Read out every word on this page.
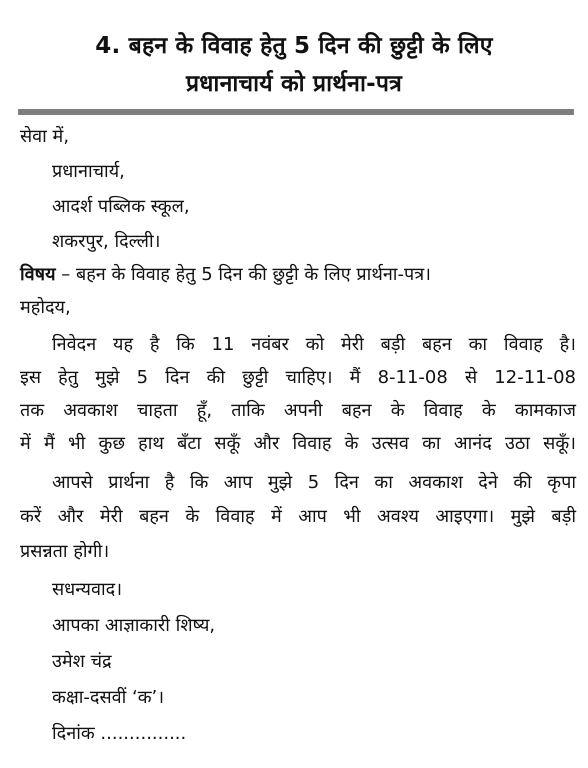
4. बहन के विवाह हेतु 5 दिन की छुट्टी के लिए
प्रधानाचार्य को प्रार्थना-पत्र
सेवा में,
प्रधानाचार्य,
आदर्श पब्लिक स्कूल,
शकरपुर, दिल्ली।
विषय – बहन के विवाह हेतु 5 दिन की छुट्टी के लिए प्रार्थना-पत्र।
महोदय,
निवेदन यह है कि 11 नवंबर को मेरी बड़ी बहन का विवाह है।
इस हेतु मुझे 5 दिन की छुट्टी चाहिए। मैं 8-11-08 से 12-11-08
तक अवकाश चाहता हूँ, ताकि अपनी बहन के विवाह के कामकाज
में मैं भी कुछ हाथ बँटा सकूँ और विवाह के उत्सव का आनंद उठा सकूँ।
आपसे प्रार्थना है कि आप मुझे 5 दिन का अवकाश देने की कृपा
करें और मेरी बहन के विवाह में आप भी अवश्य आइएगा। मुझे बड़ी
प्रसन्नता होगी।
सधन्यवाद।
आपका आज्ञाकारी शिष्य,
उमेश चंद्र
कक्षा-दसवीं ‘क’।
दिनांक ...............
